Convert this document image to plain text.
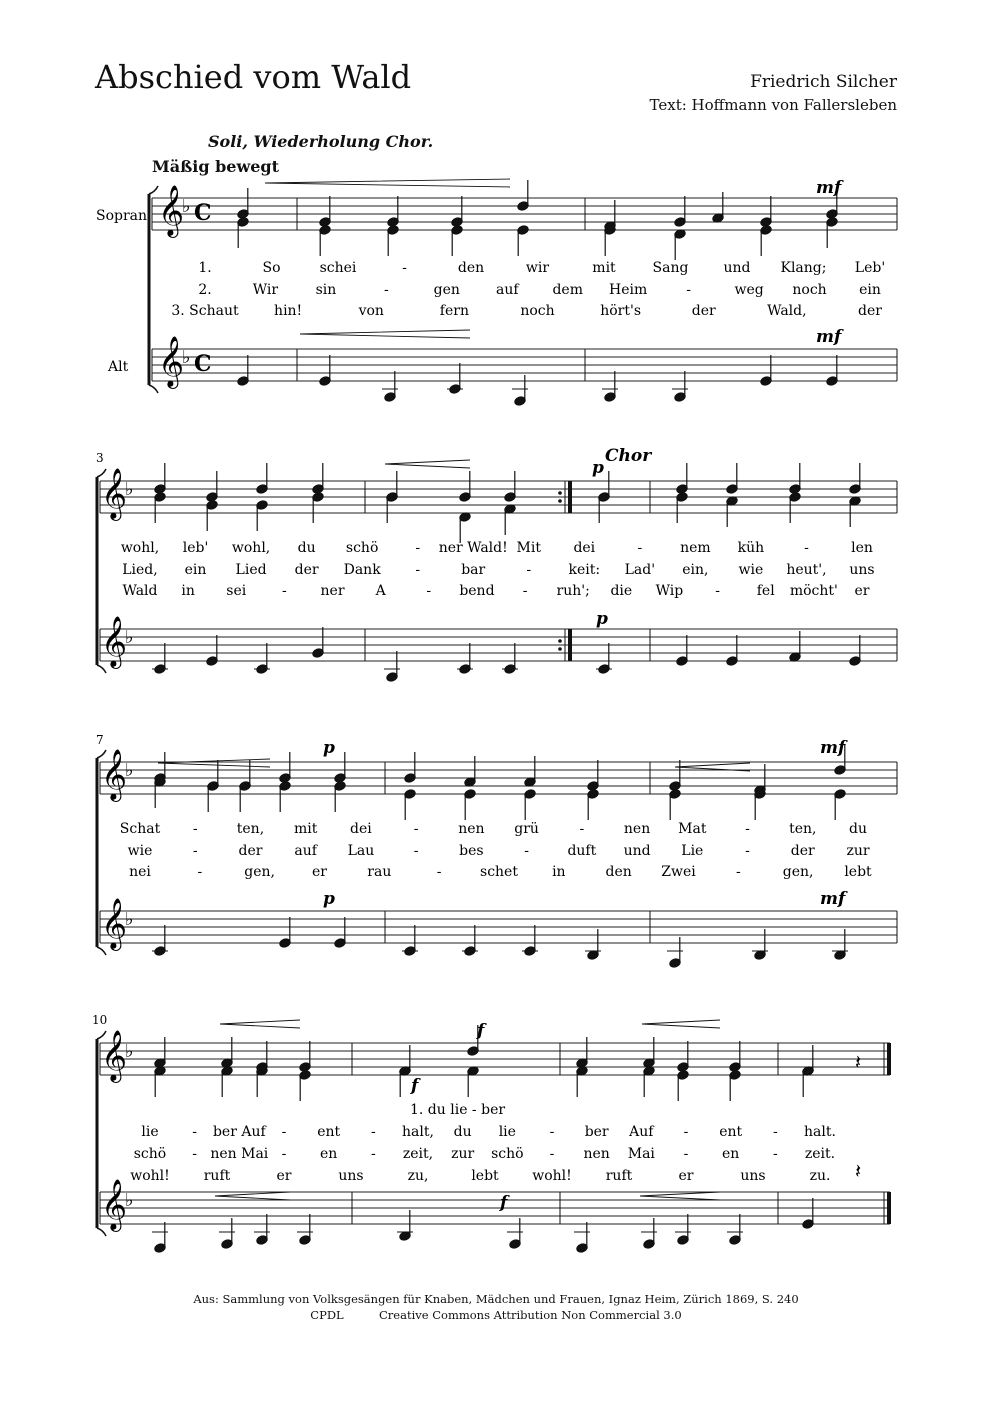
Abschied vom Wald	Friedrich Silcher
Text: Hoffmann von Fallersleben
Soli, Wiederholung Chor.
Mäßig bewegt
𝄞
♭
𝄞
♭
C
C
1.	So	schei	-	den	wir	mit	Sang	und Klang; Leb'
2.	Wir	sin	-	gen	auf dem Heim	-	weg noch ein
3. Schaut	hin!	von	fern	noch	hört's	der	Wald,	der
𝄞
♭
𝄞
♭
wohl, leb' wohl, du schö	- ner Wald! Mit dei	-	nem küh	-	len
Lied, ein Lied der Dank -	bar	-	keit: Lad' ein, wie heut', uns
Wald in sei	- ner A	- bend - ruh'; die Wip -	fel möcht' er
𝄞
♭
𝄞
♭
Schat -	ten, mit dei	-	nen grü	-	nen Mat	-	ten, du
wie	-	der auf Lau	-	bes	-	duft und Lie	-	der zur
nei	-	gen,	er	rau	-	schet in	den Zwei	-	gen, lebt
𝄞
♭
𝄞
♭
lie - ber Auf - ent - halt, du lie - ber Auf - ent - halt.
schö - nen Mai - en - zeit, zur schö - nen Mai - en - zeit.
wohl! ruft	er	uns	zu,	lebt wohl! ruft	er	uns	zu.
mf
mf
p
p
p
p
mf
mf
f
f
f
Chor
3
7
10
Sopran
Alt
1. du lie - ber
𝄽
𝄽
Aus: Sammlung von Volksgesängen für Knaben, Mädchen und Frauen, Ignaz Heim, Zürich 1869, S. 240
CPDL	Creative Commons Attribution Non Commercial 3.0
